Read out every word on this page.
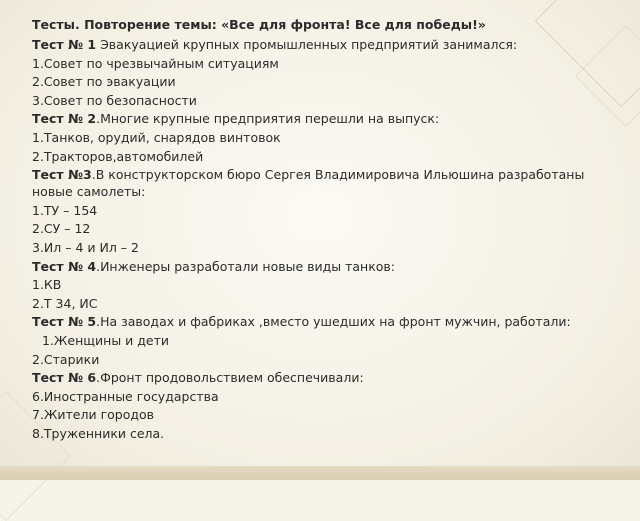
Тесты. Повторение темы: «Все для фронта! Все для победы!»
Тест № 1 Эвакуацией крупных промышленных предприятий занимался:
1.Совет по чрезвычайным ситуациям
2.Совет по эвакуации
3.Совет по безопасности
Тест № 2.Многие крупные предприятия перешли на выпуск:
1.Танков, орудий, снарядов винтовок
2.Тракторов,автомобилей
Тест №3.В конструкторском бюро Сергея Владимировича Ильюшина разработаны новые самолеты:
1.ТУ – 154
2.СУ – 12
3.Ил – 4 и Ил – 2
Тест № 4.Инженеры разработали новые виды танков:
1.КВ
2.Т 34, ИС
Тест № 5.На заводах и фабриках ,вместо ушедших на фронт мужчин, работали:
1.Женщины и дети
2.Старики
Тест № 6.Фронт продовольствием обеспечивали:
6.Иностранные государства
7.Жители городов
8.Труженники села.
